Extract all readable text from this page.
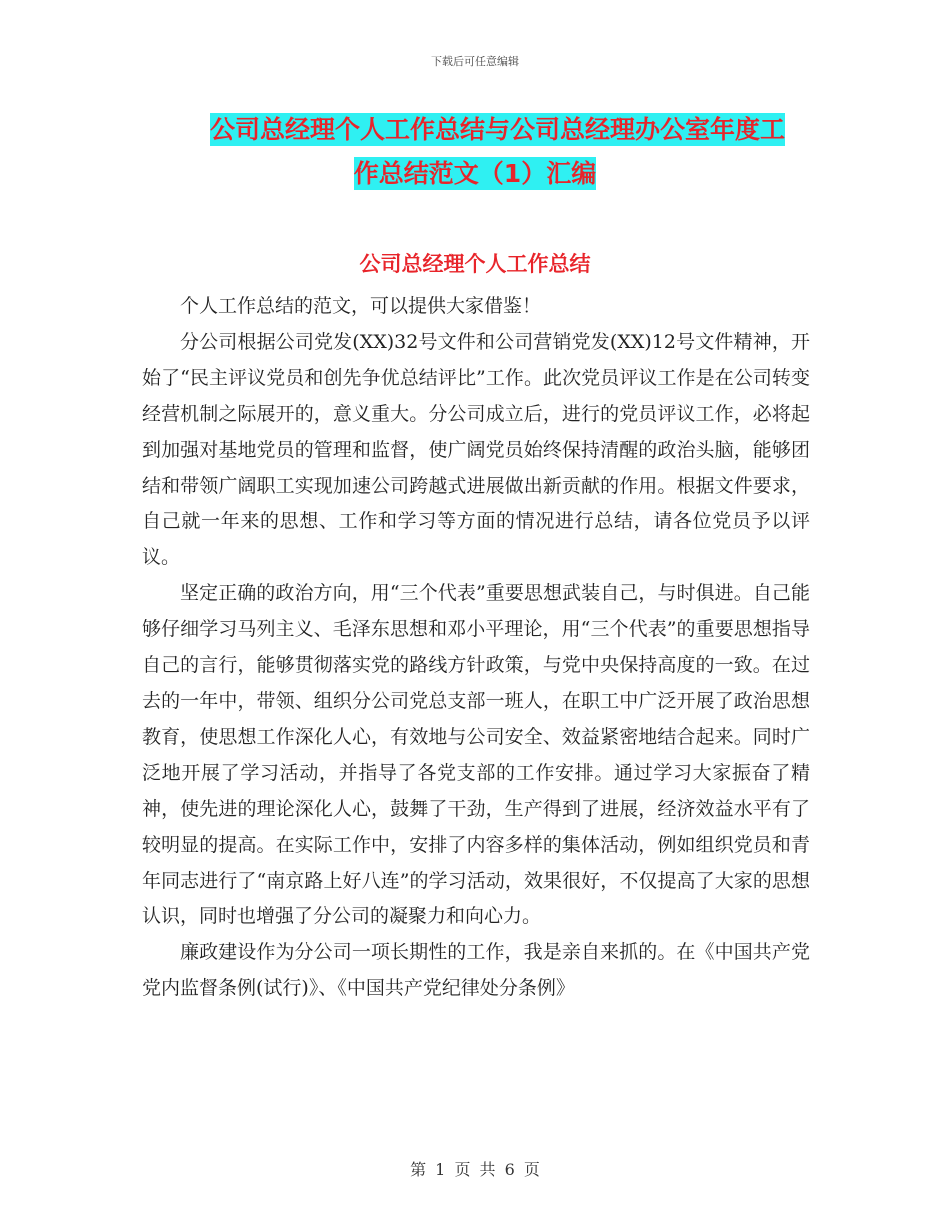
下载后可任意编辑
公司总经理个人工作总结与公司总经理办公室年度工
作总结范文（1）汇编
公司总经理个人工作总结

个人工作总结的范文，可以提供大家借鉴！

分公司根据公司党发(XX)32号文件和公司营销党发(XX)12号文件精神，开始了“民主评议党员和创先争优总结评比”工作。此次党员评议工作是在公司转变经营机制之际展开的，意义重大。分公司成立后，进行的党员评议工作，必将起到加强对基地党员的管理和监督，使广阔党员始终保持清醒的政治头脑，能够团结和带领广阔职工实现加速公司跨越式进展做出新贡献的作用。根据文件要求，自己就一年来的思想、工作和学习等方面的情况进行总结，请各位党员予以评议。

坚定正确的政治方向，用“三个代表”重要思想武装自己，与时俱进。自己能够仔细学习马列主义、毛泽东思想和邓小平理论，用“三个代表”的重要思想指导自己的言行，能够贯彻落实党的路线方针政策，与党中央保持高度的一致。在过去的一年中，带领、组织分公司党总支部一班人，在职工中广泛开展了政治思想教育，使思想工作深化人心，有效地与公司安全、效益紧密地结合起来。同时广泛地开展了学习活动，并指导了各党支部的工作安排。通过学习大家振奋了精神，使先进的理论深化人心，鼓舞了干劲，生产得到了进展，经济效益水平有了较明显的提高。在实际工作中，安排了内容多样的集体活动，例如组织党员和青年同志进行了“南京路上好八连”的学习活动，效果很好，不仅提高了大家的思想认识，同时也增强了分公司的凝聚力和向心力。

廉政建设作为分公司一项长期性的工作，我是亲自来抓的。在《中国共产党党内监督条例(试行)》、《中国共产党纪律处分条例》

第 1 页 共 6 页
